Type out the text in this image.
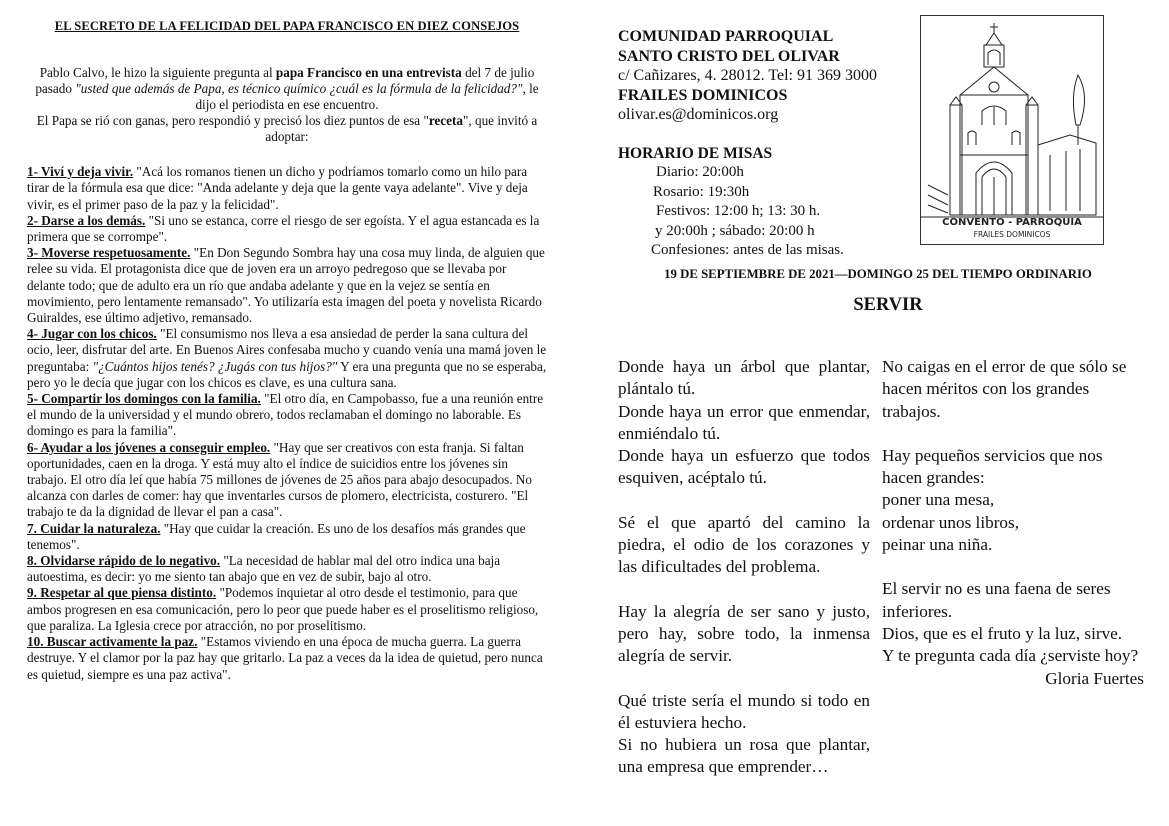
EL SECRETO DE LA FELICIDAD DEL PAPA FRANCISCO EN DIEZ CONSEJOS
Pablo Calvo, le hizo la siguiente pregunta al papa Francisco en una entrevista del 7 de julio pasado "usted que además de Papa, es técnico químico ¿cuál es la fórmula de la felicidad?", le dijo el periodista en ese encuentro.
El Papa se rió con ganas, pero respondió y precisó los diez puntos de esa "receta", que invitó a adoptar:

1- Viví y deja vivir. "Acá los romanos tienen un dicho y podríamos tomarlo como un hilo para tirar de la fórmula esa que dice: "Anda adelante y deja que la gente vaya adelante". Vive y deja vivir, es el primer paso de la paz y la felicidad".

2- Darse a los demás. "Si uno se estanca, corre el riesgo de ser egoísta. Y el agua estancada es la primera que se corrompe".

3- Moverse respetuosamente. "En Don Segundo Sombra hay una cosa muy linda, de alguien que relee su vida. El protagonista dice que de joven era un arroyo pedregoso que se llevaba por delante todo; que de adulto era un río que andaba adelante y que en la vejez se sentía en movimiento, pero lentamente remansado". Yo utilizaría esta imagen del poeta y novelista Ricardo Guiraldes, ese último adjetivo, remansado.

4- Jugar con los chicos. "El consumismo nos lleva a esa ansiedad de perder la sana cultura del ocio, leer, disfrutar del arte. En Buenos Aires confesaba mucho y cuando venía una mamá joven le preguntaba: "¿Cuántos hijos tenés? ¿Jugás con tus hijos?" Y era una pregunta que no se esperaba, pero yo le decía que jugar con los chicos es clave, es una cultura sana.

5- Compartir los domingos con la familia. "El otro día, en Campobasso, fue a una reunión entre el mundo de la universidad y el mundo obrero, todos reclamaban el domingo no laborable. Es domingo es para la familia".

6- Ayudar a los jóvenes a conseguir empleo. "Hay que ser creativos con esta franja. Si faltan oportunidades, caen en la droga. Y está muy alto el índice de suicidios entre los jóvenes sin trabajo. El otro día leí que había 75 millones de jóvenes de 25 años para abajo desocupados. No alcanza con darles de comer: hay que inventarles cursos de plomero, electricista, costurero. "El trabajo te da la dignidad de llevar el pan a casa".

7. Cuidar la naturaleza. "Hay que cuidar la creación. Es uno de los desafíos más grandes que tenemos".

8. Olvidarse rápido de lo negativo. "La necesidad de hablar mal del otro indica una baja autoestima, es decir: yo me siento tan abajo que en vez de subir, bajo al otro.

9. Respetar al que piensa distinto. "Podemos inquietar al otro desde el testimonio, para que ambos progresen en esa comunicación, pero lo peor que puede haber es el proselitismo religioso, que paraliza. La Iglesia crece por atracción, no por proselitismo.

10. Buscar activamente la paz. "Estamos viviendo en una época de mucha guerra. La guerra destruye. Y el clamor por la paz hay que gritarlo. La paz a veces da la idea de quietud, pero nunca es quietud, siempre es una paz activa".

COMUNIDAD PARROQUIAL
SANTO CRISTO DEL OLIVAR
c/ Cañizares, 4. 28012. Tel: 91 369 3000
FRAILES DOMINICOS
olivar.es@dominicos.org
HORARIO DE MISAS
Diario: 20:00h
Rosario: 19:30h
Festivos: 12:00 h; 13: 30 h.
y 20:00h ; sábado: 20:00 h
Confesiones: antes de las misas.
CONVENTO - PARROQUIA
FRAILES DOMINICOS
19 DE SEPTIEMBRE DE 2021—DOMINGO 25 DEL TIEMPO ORDINARIO
SERVIR

Donde haya un árbol que plantar, plántalo tú.

Donde haya un error que enmendar, enmiéndalo tú.

Donde haya un esfuerzo que todos esquiven, acéptalo tú.

Sé el que apartó del camino la piedra, el odio de los corazones y las dificultades del problema.

Hay la alegría de ser sano y justo, pero hay, sobre todo, la inmensa alegría de servir.

Qué triste sería el mundo si todo en él estuviera hecho.

Si no hubiera un rosa que plantar, una empresa que emprender…

No caigas en el error de que sólo se hacen méritos con los grandes trabajos.

Hay pequeños servicios que nos hacen grandes:

poner una mesa,

ordenar unos libros,

peinar una niña.

El servir no es una faena de seres inferiores.

Dios, que es el fruto y la luz, sirve.

Y te pregunta cada día ¿serviste hoy?

Gloria Fuertes
